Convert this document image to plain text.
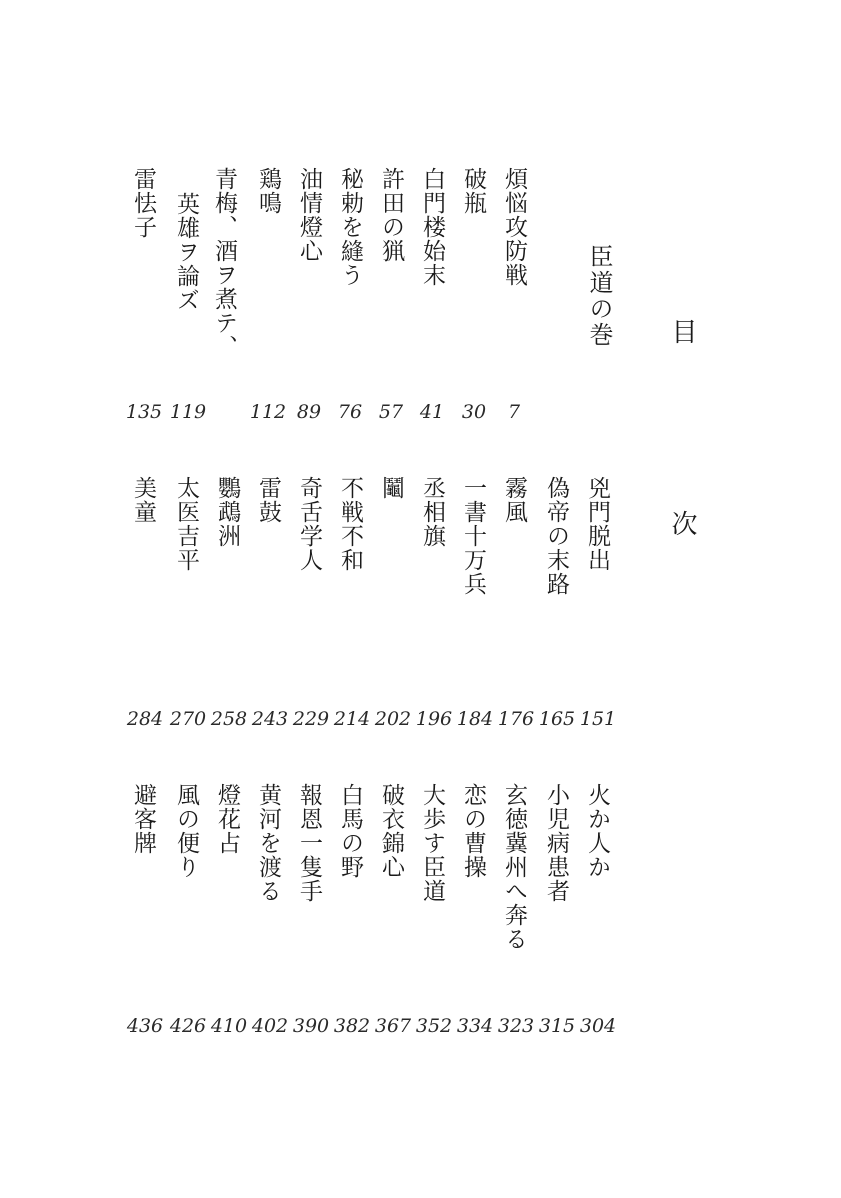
目　次
臣道の巻
煩悩攻防戦
7
破瓶
30
白門楼始末
41
許田の猟
57
秘勅を縫う
76
油情燈心
89
鶏鳴
112
青梅、酒ヲ煮テ、
英雄ヲ論ズ
119
雷怯子
135
兇門脱出
151
偽帝の末路
165
霧風
176
一書十万兵
184
丞相旗
196
鬮
202
不戦不和
214
奇舌学人
229
雷鼓
243
鸚鵡洲
258
太医吉平
270
美童
284
火か人か
304
小児病患者
315
玄徳冀州へ奔る
323
恋の曹操
334
大歩す臣道
352
破衣錦心
367
白馬の野
382
報恩一隻手
390
黄河を渡る
402
燈花占
410
風の便り
426
避客牌
436
